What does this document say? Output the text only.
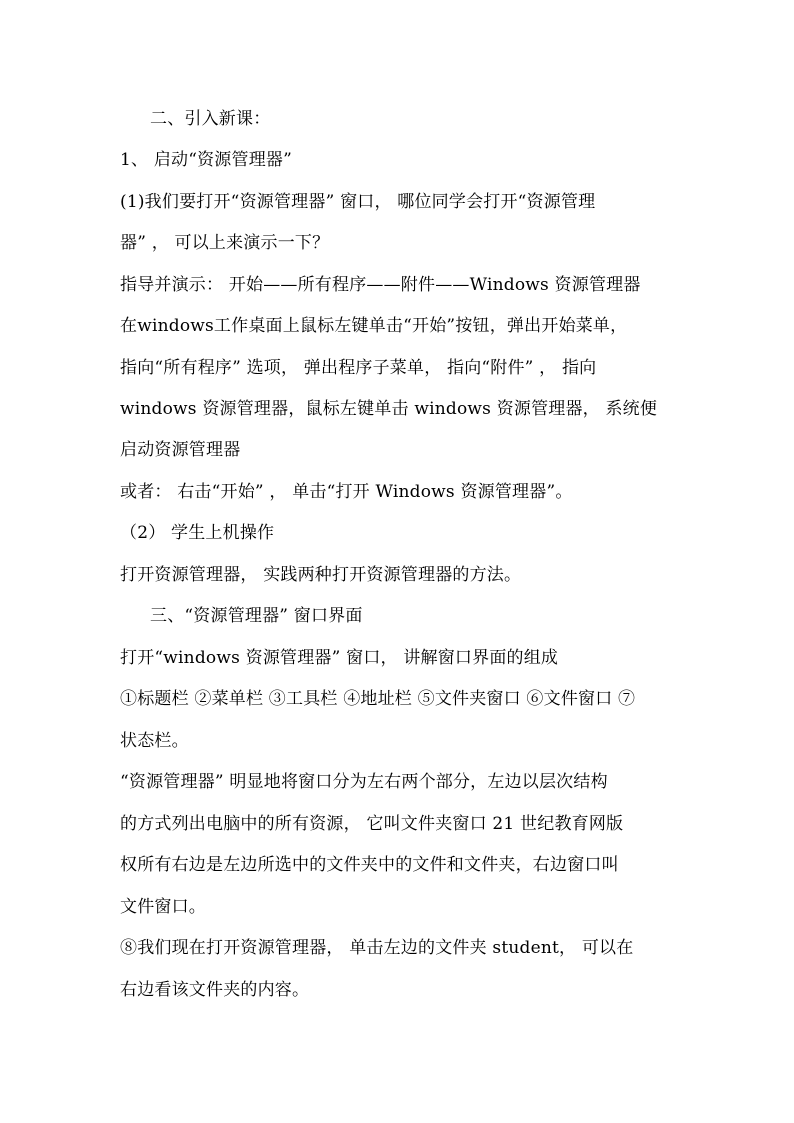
二、引入新课：
1、 启动“资源管理器”
(1)我们要打开“资源管理器” 窗口， 哪位同学会打开“资源管理
器” ， 可以上来演示一下？
指导并演示： 开始——所有程序——附件——Windows 资源管理器
在windows工作桌面上鼠标左键单击“开始”按钮，弹出开始菜单，
指向“所有程序” 选项， 弹出程序子菜单， 指向“附件” ， 指向
windows 资源管理器，鼠标左键单击 windows 资源管理器， 系统便
启动资源管理器
或者： 右击“开始” ， 单击“打开 Windows 资源管理器”。
（2） 学生上机操作
打开资源管理器， 实践两种打开资源管理器的方法。
三、“资源管理器” 窗口界面
打开“windows 资源管理器” 窗口， 讲解窗口界面的组成
①标题栏 ②菜单栏 ③工具栏 ④地址栏 ⑤文件夹窗口 ⑥文件窗口 ⑦
状态栏。
“资源管理器” 明显地将窗口分为左右两个部分，左边以层次结构
的方式列出电脑中的所有资源， 它叫文件夹窗口 21 世纪教育网版
权所有右边是左边所选中的文件夹中的文件和文件夹，右边窗口叫
文件窗口。
⑧我们现在打开资源管理器， 单击左边的文件夹 student， 可以在
右边看该文件夹的内容。
